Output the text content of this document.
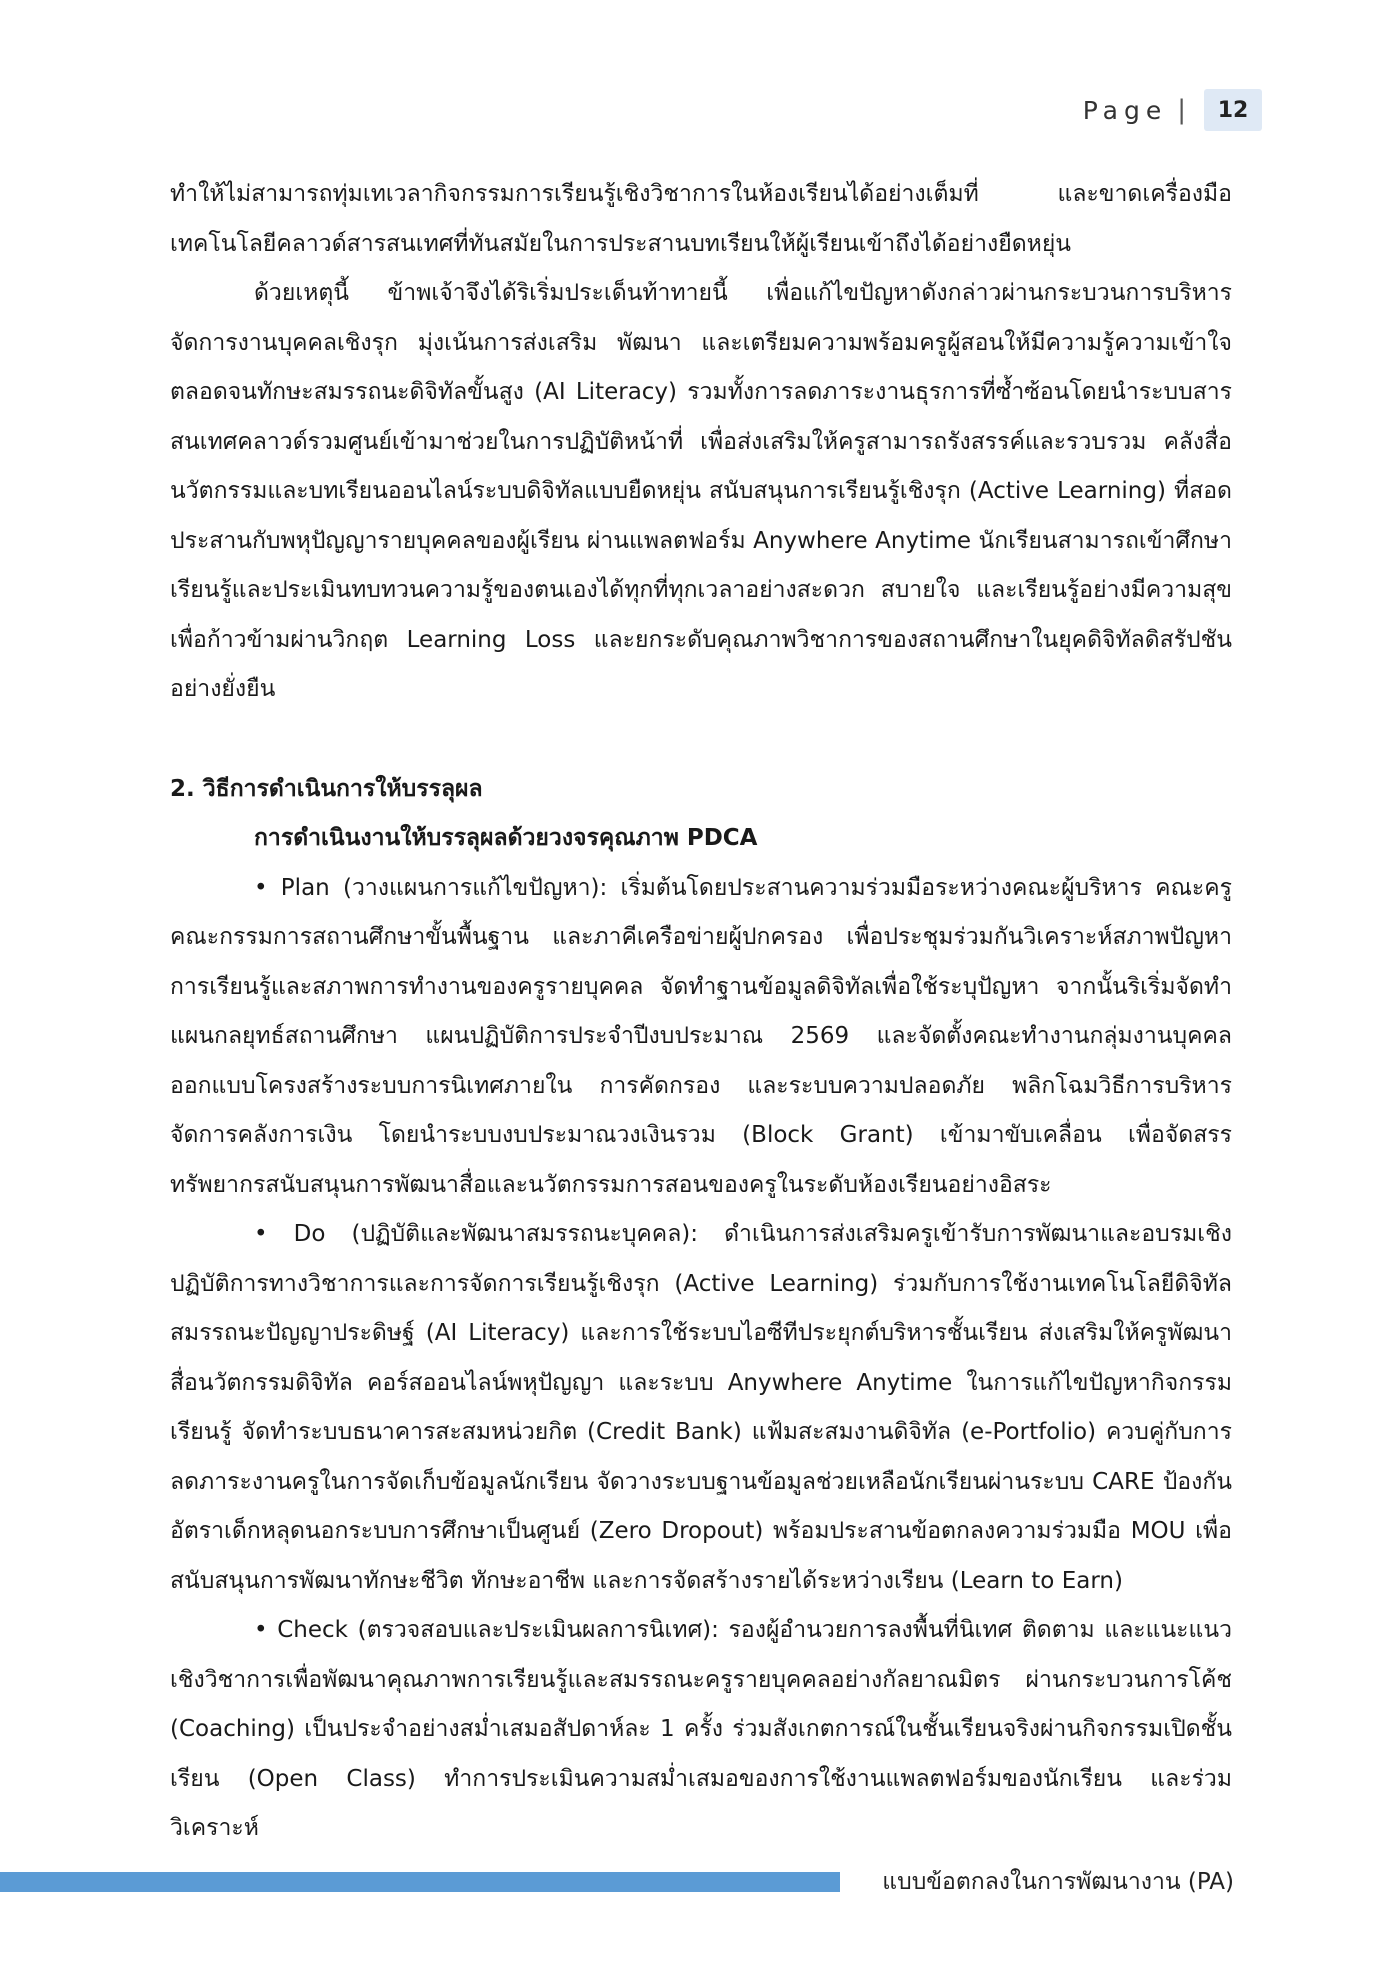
Page |	12

ทำให้ไม่สามารถทุ่มเทเวลากิจกรรมการเรียนรู้เชิงวิชาการในห้องเรียนได้อย่างเต็มที่ และขาดเครื่องมือเทคโนโลยีคลาวด์สารสนเทศที่ทันสมัยในการประสานบทเรียนให้ผู้เรียนเข้าถึงได้อย่างยืดหยุ่น

ด้วยเหตุนี้ ข้าพเจ้าจึงได้ริเริ่มประเด็นท้าทายนี้ เพื่อแก้ไขปัญหาดังกล่าวผ่านกระบวนการบริหารจัดการงานบุคคลเชิงรุก มุ่งเน้นการส่งเสริม พัฒนา และเตรียมความพร้อมครูผู้สอนให้มีความรู้ความเข้าใจตลอดจนทักษะสมรรถนะดิจิทัลขั้นสูง (AI Literacy) รวมทั้งการลดภาระงานธุรการที่ซ้ำซ้อนโดยนำระบบสารสนเทศคลาวด์รวมศูนย์เข้ามาช่วยในการปฏิบัติหน้าที่ เพื่อส่งเสริมให้ครูสามารถรังสรรค์และรวบรวม คลังสื่อนวัตกรรมและบทเรียนออนไลน์ระบบดิจิทัลแบบยืดหยุ่น สนับสนุนการเรียนรู้เชิงรุก (Active Learning) ที่สอดประสานกับพหุปัญญารายบุคคลของผู้เรียน ผ่านแพลตฟอร์ม Anywhere Anytime นักเรียนสามารถเข้าศึกษาเรียนรู้และประเมินทบทวนความรู้ของตนเองได้ทุกที่ทุกเวลาอย่างสะดวก สบายใจ และเรียนรู้อย่างมีความสุข เพื่อก้าวข้ามผ่านวิกฤต Learning Loss และยกระดับคุณภาพวิชาการของสถานศึกษาในยุคดิจิทัลดิสรัปชันอย่างยั่งยืน

2. วิธีการดำเนินการให้บรรลุผล

การดำเนินงานให้บรรลุผลด้วยวงจรคุณภาพ PDCA

• Plan (วางแผนการแก้ไขปัญหา): เริ่มต้นโดยประสานความร่วมมือระหว่างคณะผู้บริหาร คณะครู คณะกรรมการสถานศึกษาขั้นพื้นฐาน และภาคีเครือข่ายผู้ปกครอง เพื่อประชุมร่วมกันวิเคราะห์สภาพปัญหาการเรียนรู้และสภาพการทำงานของครูรายบุคคล จัดทำฐานข้อมูลดิจิทัลเพื่อใช้ระบุปัญหา จากนั้นริเริ่มจัดทำแผนกลยุทธ์สถานศึกษา แผนปฏิบัติการประจำปีงบประมาณ 2569 และจัดตั้งคณะทำงานกลุ่มงานบุคคลออกแบบโครงสร้างระบบการนิเทศภายใน การคัดกรอง และระบบความปลอดภัย พลิกโฉมวิธีการบริหารจัดการคลังการเงิน โดยนำระบบงบประมาณวงเงินรวม (Block Grant) เข้ามาขับเคลื่อน เพื่อจัดสรรทรัพยากรสนับสนุนการพัฒนาสื่อและนวัตกรรมการสอนของครูในระดับห้องเรียนอย่างอิสระ

• Do (ปฏิบัติและพัฒนาสมรรถนะบุคคล): ดำเนินการส่งเสริมครูเข้ารับการพัฒนาและอบรมเชิงปฏิบัติการทางวิชาการและการจัดการเรียนรู้เชิงรุก (Active Learning) ร่วมกับการใช้งานเทคโนโลยีดิจิทัลสมรรถนะปัญญาประดิษฐ์ (AI Literacy) และการใช้ระบบไอซีทีประยุกต์บริหารชั้นเรียน ส่งเสริมให้ครูพัฒนาสื่อนวัตกรรมดิจิทัล คอร์สออนไลน์พหุปัญญา และระบบ Anywhere Anytime ในการแก้ไขปัญหากิจกรรมเรียนรู้ จัดทำระบบธนาคารสะสมหน่วยกิต (Credit Bank) แฟ้มสะสมงานดิจิทัล (e-Portfolio) ควบคู่กับการลดภาระงานครูในการจัดเก็บข้อมูลนักเรียน จัดวางระบบฐานข้อมูลช่วยเหลือนักเรียนผ่านระบบ CARE ป้องกันอัตราเด็กหลุดนอกระบบการศึกษาเป็นศูนย์ (Zero Dropout) พร้อมประสานข้อตกลงความร่วมมือ MOU เพื่อสนับสนุนการพัฒนาทักษะชีวิต ทักษะอาชีพ และการจัดสร้างรายได้ระหว่างเรียน (Learn to Earn)

• Check (ตรวจสอบและประเมินผลการนิเทศ): รองผู้อำนวยการลงพื้นที่นิเทศ ติดตาม และแนะแนวเชิงวิชาการเพื่อพัฒนาคุณภาพการเรียนรู้และสมรรถนะครูรายบุคคลอย่างกัลยาณมิตร ผ่านกระบวนการโค้ช (Coaching) เป็นประจำอย่างสม่ำเสมอสัปดาห์ละ 1 ครั้ง ร่วมสังเกตการณ์ในชั้นเรียนจริงผ่านกิจกรรมเปิดชั้นเรียน (Open Class) ทำการประเมินความสม่ำเสมอของการใช้งานแพลตฟอร์มของนักเรียน และร่วมวิเคราะห์

แบบข้อตกลงในการพัฒนางาน (PA)
